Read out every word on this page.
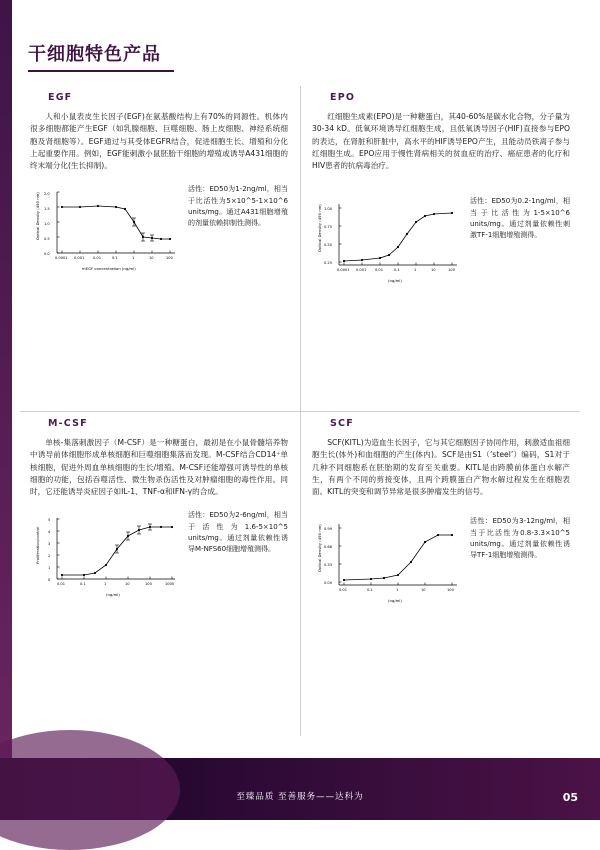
干细胞特色产品
EGF

人和小鼠表皮生长因子(EGF)在氨基酸结构上有70%的同源性。机体内很多细胞都能产生EGF（如乳腺细胞、巨噬细胞、肠上皮细胞、神经系统细胞及肾细胞等）。EGF通过与其受体EGFR结合，促进细胞生长、增殖和分化上起重要作用。例如，EGF能刺激小鼠胚胎干细胞的增殖或诱导A431细胞的终末端分化(生长抑制)。

Optical Density (490 nm) 2.0
1.5
1.0
0.5
0.0
0.0001 0.001 0.01	0.1	1	10	100
mEGF concentration (ng/ml)
活性：ED50为1-2ng/ml，相当于比活性为5×10^5-1×10^6 units/mg。通过A431细胞增殖的剂量依赖抑制性测得。
EPO

红细胞生成素(EPO)是一种糖蛋白，其40-60%是碳水化合物，分子量为30-34 kD。低氧环境诱导红细胞生成，且低氧诱导因子(HIF)直接参与EPO的表达，在肾脏和肝脏中，高水平的HIF诱导EPO产生，且能动员铁离子参与红细胞生成。EPO应用于慢性肾病相关的贫血症的治疗、癌症患者的化疗和HIV患者的抗病毒治疗。

Optical Density (490 nm) 1.00
0.75
0.50
0.25
0.0001 0.001 0.01	0.1	1	10	100
(ng/ml)
活性：ED50为0.2-1ng/ml，相当于比活性为1-5×10^6 units/mg。通过剂量依赖性刺激TF-1细胞增殖测得。
M-CSF

单核-集落刺激因子（M-CSF）是一种糖蛋白，最初是在小鼠骨髓培养物中诱导前体细胞形成单核细胞和巨噬细胞集落而发现。M-CSF结合CD14⁺单核细胞，促进外周血单核细胞的生长/增殖。M-CSF还能增强可诱导性的单核细胞的功能，包括吞噬活性、微生物杀伤活性及对肿瘤细胞的毒性作用。同时，它还能诱导炎症因子如IL-1、TNF-α和IFN-γ的合成。

Proliferation/control
5
4
3
2
1
0
0.01	0.1	1	10	100	1000
(ng/ml)
活性：ED50为2-6ng/ml，相当于活性为1.6-5×10^5 units/mg。通过剂量依赖性诱导M-NFS60细胞增殖测得。
SCF

SCF(KITL)为造血生长因子，它与其它细胞因子协同作用，刺激适血祖细胞生长(体外)和血细胞的产生(体内)。SCF是由S1（‘steel’）编码，S1对于几种不同细胞系在胚胎期的发育至关重要。KITL是由跨膜前体蛋白水解产生，有两个不同的剪接变体，且两个跨膜蛋白产物水解过程发生在细胞表面。KITL的突变和调节异常是很多肿瘤发生的信号。

Optical Density (490 nm) 0.99
0.66
0.33
0.00
0.01	0.1	1	10	100
(ng/ml)
活性：ED50为3-12ng/ml，相当于比活性为0.8-3.3×10^5 units/mg。通过剂量依赖性诱导TF-1细胞增殖测得。
至臻品质 至善服务——达科为	05
